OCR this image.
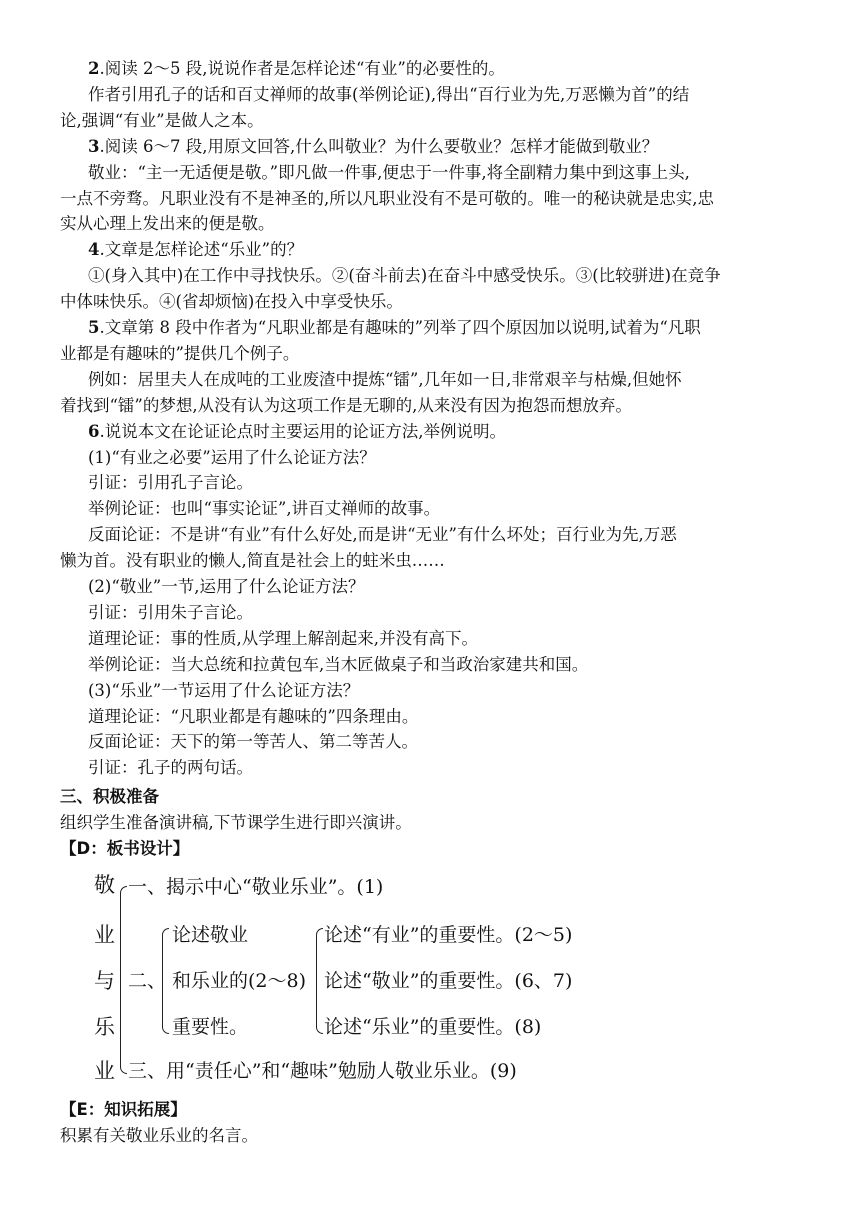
2.阅读 2～5 段,说说作者是怎样论述“有业”的必要性的。
作者引用孔子的话和百丈禅师的故事(举例论证),得出“百行业为先,万恶懒为首”的结
论,强调“有业”是做人之本。
3.阅读 6～7 段,用原文回答,什么叫敬业？为什么要敬业？怎样才能做到敬业？
敬业：“主一无适便是敬。”即凡做一件事,便忠于一件事,将全副精力集中到这事上头,
一点不旁骛。凡职业没有不是神圣的,所以凡职业没有不是可敬的。唯一的秘诀就是忠实,忠
实从心理上发出来的便是敬。
4.文章是怎样论述“乐业”的？
①(身入其中)在工作中寻找快乐。②(奋斗前去)在奋斗中感受快乐。③(比较骈进)在竞争
中体味快乐。④(省却烦恼)在投入中享受快乐。
5.文章第 8 段中作者为“凡职业都是有趣味的”列举了四个原因加以说明,试着为“凡职
业都是有趣味的”提供几个例子。
例如：居里夫人在成吨的工业废渣中提炼“镭”,几年如一日,非常艰辛与枯燥,但她怀
着找到“镭”的梦想,从没有认为这项工作是无聊的,从来没有因为抱怨而想放弃。
6.说说本文在论证论点时主要运用的论证方法,举例说明。
(1)“有业之必要”运用了什么论证方法？
引证：引用孔子言论。
举例论证：也叫“事实论证”,讲百丈禅师的故事。
反面论证：不是讲“有业”有什么好处,而是讲“无业”有什么坏处；百行业为先,万恶
懒为首。没有职业的懒人,简直是社会上的蛀米虫……
(2)“敬业”一节,运用了什么论证方法？
引证：引用朱子言论。
道理论证：事的性质,从学理上解剖起来,并没有高下。
举例论证：当大总统和拉黄包车,当木匠做桌子和当政治家建共和国。
(3)“乐业”一节运用了什么论证方法？
道理论证：“凡职业都是有趣味的”四条理由。
反面论证：天下的第一等苦人、第二等苦人。
引证：孔子的两句话。
三、积极准备
组织学生准备演讲稿,下节课学生进行即兴演讲。
【D：板书设计】
敬
业
与
乐
业
一、揭示中心“敬业乐业”。(1)
二、
论述敬业
和乐业的(2～8)
重要性。
论述“有业”的重要性。(2～5)
论述“敬业”的重要性。(6、7)
论述“乐业”的重要性。(8)
三、用“责任心”和“趣味”勉励人敬业乐业。(9)
【E：知识拓展】
积累有关敬业乐业的名言。
